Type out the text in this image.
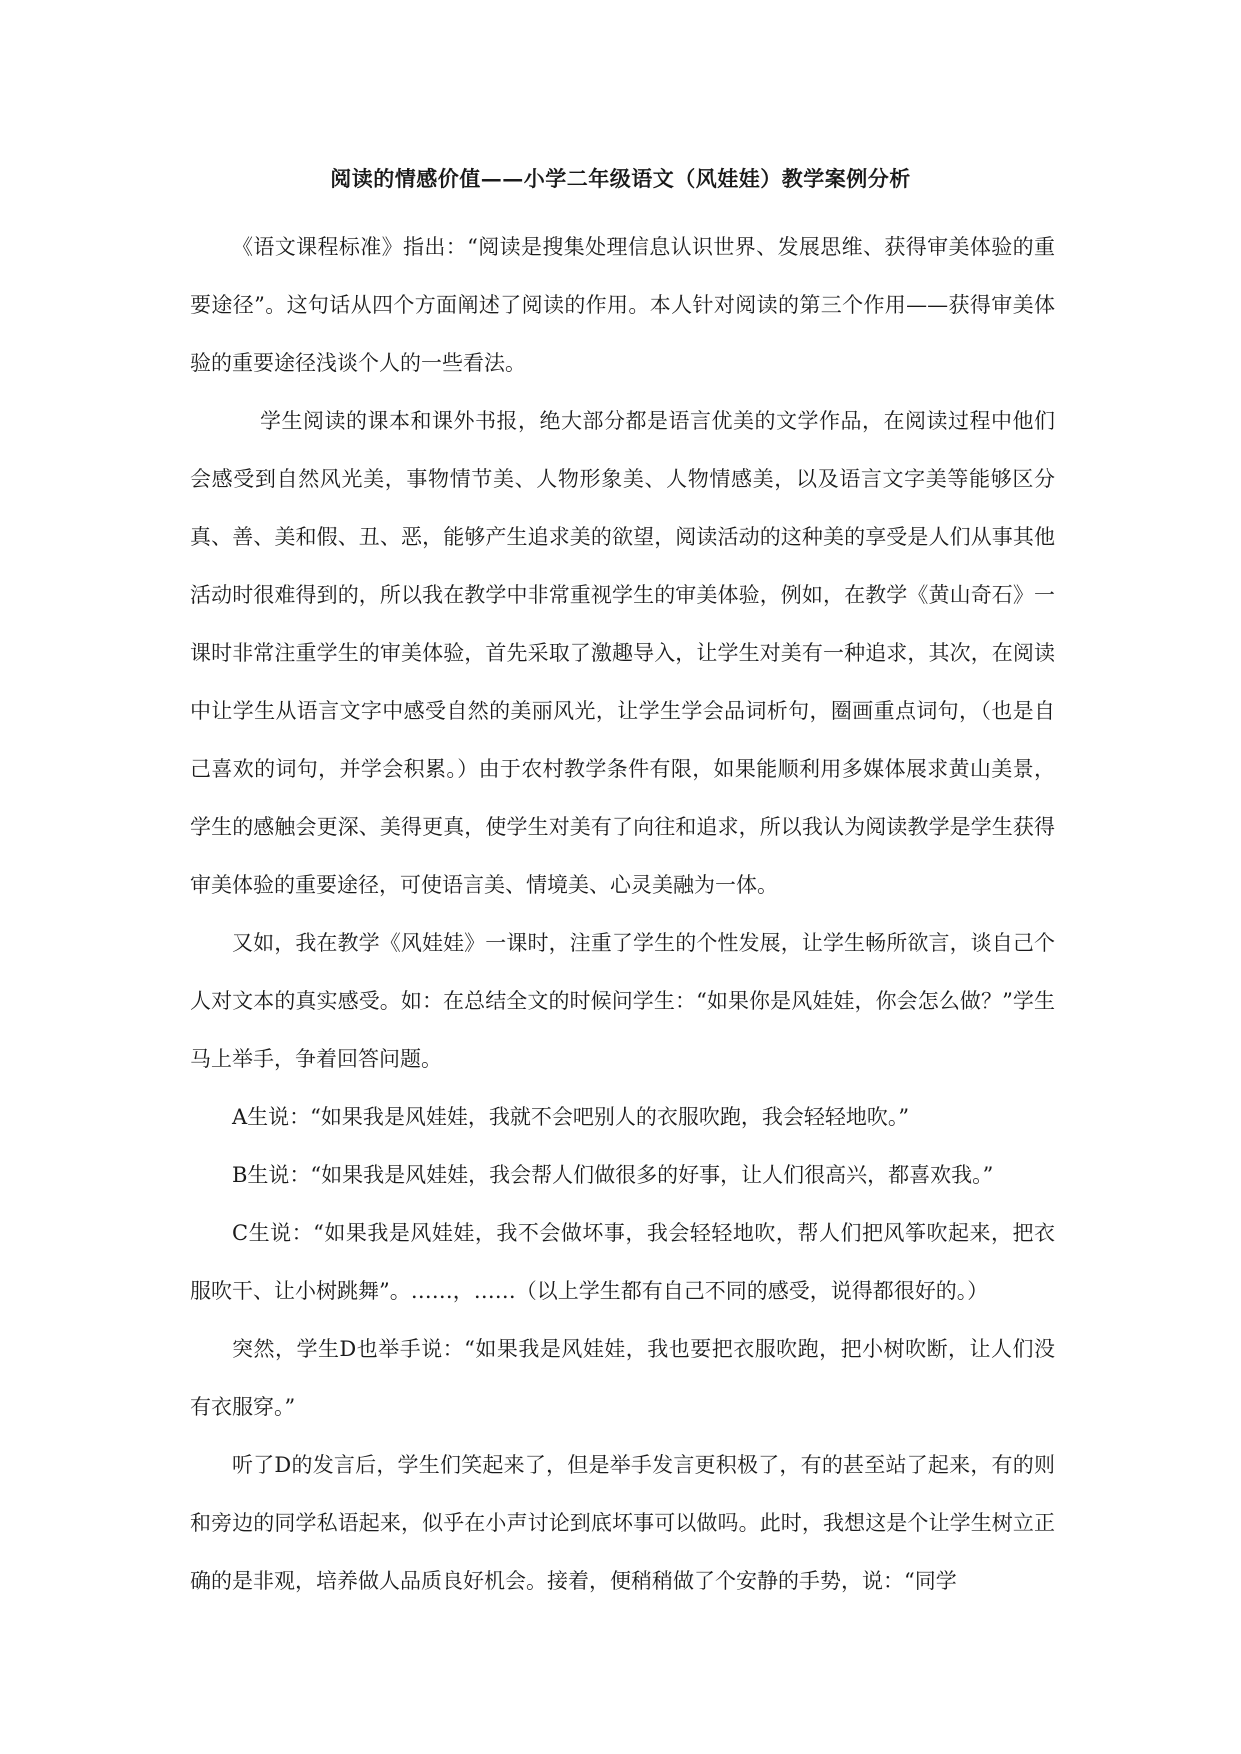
阅读的情感价值——小学二年级语文（风娃娃）教学案例分析

《语文课程标准》指出：“阅读是搜集处理信息认识世界、发展思维、获得审美体验的重要途径”。这句话从四个方面阐述了阅读的作用。本人针对阅读的第三个作用——获得审美体验的重要途径浅谈个人的一些看法。

学生阅读的课本和课外书报，绝大部分都是语言优美的文学作品，在阅读过程中他们会感受到自然风光美，事物情节美、人物形象美、人物情感美，以及语言文字美等能够区分真、善、美和假、丑、恶，能够产生追求美的欲望，阅读活动的这种美的享受是人们从事其他活动时很难得到的，所以我在教学中非常重视学生的审美体验，例如，在教学《黄山奇石》一课时非常注重学生的审美体验，首先采取了激趣导入，让学生对美有一种追求，其次，在阅读中让学生从语言文字中感受自然的美丽风光，让学生学会品词析句，圈画重点词句，（也是自己喜欢的词句，并学会积累。）由于农村教学条件有限，如果能顺利用多媒体展求黄山美景，学生的感触会更深、美得更真，使学生对美有了向往和追求，所以我认为阅读教学是学生获得审美体验的重要途径，可使语言美、情境美、心灵美融为一体。

又如，我在教学《风娃娃》一课时，注重了学生的个性发展，让学生畅所欲言，谈自己个人对文本的真实感受。如：在总结全文的时候问学生：“如果你是风娃娃，你会怎么做？”学生马上举手，争着回答问题。

A生说：“如果我是风娃娃，我就不会吧别人的衣服吹跑，我会轻轻地吹。”

B生说：“如果我是风娃娃，我会帮人们做很多的好事，让人们很高兴，都喜欢我。”

C生说：“如果我是风娃娃，我不会做坏事，我会轻轻地吹，帮人们把风筝吹起来，把衣服吹干、让小树跳舞”。……，……（以上学生都有自己不同的感受，说得都很好的。）

突然，学生D也举手说：“如果我是风娃娃，我也要把衣服吹跑，把小树吹断，让人们没有衣服穿。”

听了D的发言后，学生们笑起来了，但是举手发言更积极了，有的甚至站了起来，有的则和旁边的同学私语起来，似乎在小声讨论到底坏事可以做吗。此时，我想这是个让学生树立正确的是非观，培养做人品质良好机会。接着，便稍稍做了个安静的手势，说：“同学
